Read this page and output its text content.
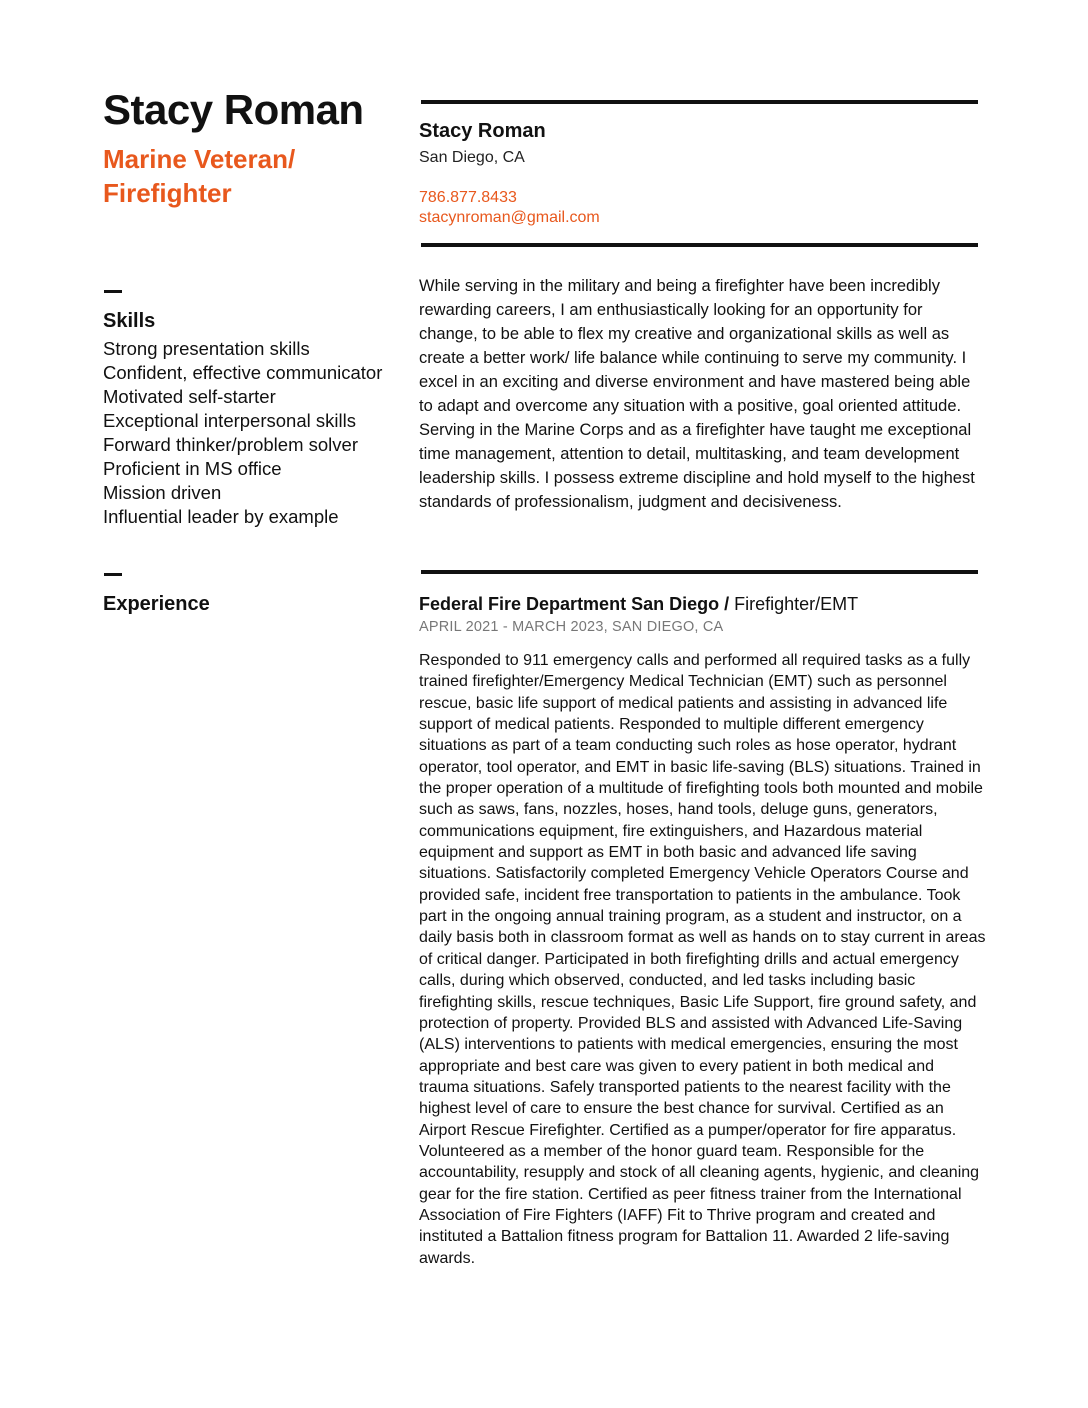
Stacy Roman
Marine Veteran/ Firefighter
Stacy Roman
San Diego, CA
786.877.8433
stacynroman@gmail.com
Skills
Strong presentation skills
Confident, effective communicator
Motivated self-starter
Exceptional interpersonal skills
Forward thinker/problem solver
Proficient in MS office
Mission driven
Influential leader by example

While serving in the military and being a firefighter have been incredibly rewarding careers, I am enthusiastically looking for an opportunity for change, to be able to flex my creative and organizational skills as well as create a better work/ life balance while continuing to serve my community. I excel in an exciting and diverse environment and have mastered being able to adapt and overcome any situation with a positive, goal oriented attitude. Serving in the Marine Corps and as a firefighter have taught me exceptional time management, attention to detail, multitasking, and team development leadership skills. I possess extreme discipline and hold myself to the highest standards of professionalism, judgment and decisiveness.

Experience	Federal Fire Department San Diego / Firefighter/EMT
APRIL 2021 - MARCH 2023, SAN DIEGO, CA

Responded to 911 emergency calls and performed all required tasks as a fully trained firefighter/Emergency Medical Technician (EMT) such as personnel rescue, basic life support of medical patients and assisting in advanced life support of medical patients. Responded to multiple different emergency situations as part of a team conducting such roles as hose operator, hydrant operator, tool operator, and EMT in basic life-saving (BLS) situations. Trained in the proper operation of a multitude of firefighting tools both mounted and mobile such as saws, fans, nozzles, hoses, hand tools, deluge guns, generators, communications equipment, fire extinguishers, and Hazardous material equipment and support as EMT in both basic and advanced life saving situations. Satisfactorily completed Emergency Vehicle Operators Course and provided safe, incident free transportation to patients in the ambulance. Took part in the ongoing annual training program, as a student and instructor, on a daily basis both in classroom format as well as hands on to stay current in areas of critical danger. Participated in both firefighting drills and actual emergency calls, during which observed, conducted, and led tasks including basic firefighting skills, rescue techniques, Basic Life Support, fire ground safety, and protection of property. Provided BLS and assisted with Advanced Life-Saving (ALS) interventions to patients with medical emergencies, ensuring the most appropriate and best care was given to every patient in both medical and trauma situations. Safely transported patients to the nearest facility with the highest level of care to ensure the best chance for survival. Certified as an Airport Rescue Firefighter. Certified as a pumper/operator for fire apparatus. Volunteered as a member of the honor guard team. Responsible for the accountability, resupply and stock of all cleaning agents, hygienic, and cleaning gear for the fire station. Certified as peer fitness trainer from the International Association of Fire Fighters (IAFF) Fit to Thrive program and created and instituted a Battalion fitness program for Battalion 11. Awarded 2 life-saving awards.
